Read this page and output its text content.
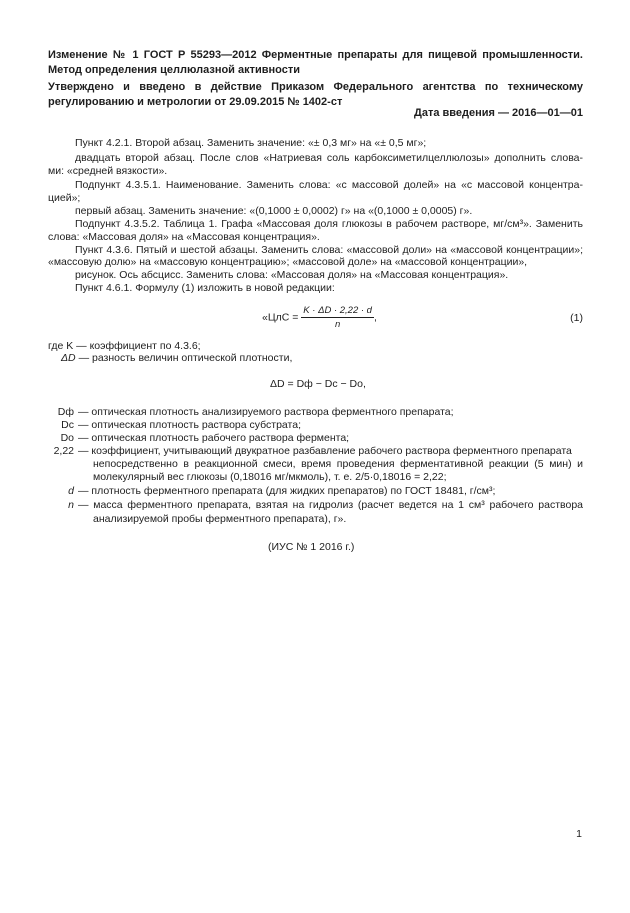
Изменение № 1 ГОСТ Р 55293—2012 Ферментные препараты для пищевой промышленности. Метод определения целлюлазной активности
Утверждено и введено в действие Приказом Федерального агентства по техническому регулированию и метрологии от 29.09.2015 № 1402-ст
Дата введения — 2016—01—01
Пункт 4.2.1. Второй абзац. Заменить значение: «± 0,3 мг» на «± 0,5 мг»;
двадцать второй абзац. После слов «Натриевая соль карбоксиметилцеллюлозы» дополнить слова-
ми: «средней вязкости».
Подпункт 4.3.5.1. Наименование. Заменить слова: «с массовой долей» на «с массовой концентра-
цией»;
первый абзац. Заменить значение: «(0,1000 ± 0,0002) г» на «(0,1000 ± 0,0005) г».
Подпункт 4.3.5.2. Таблица 1. Графа «Массовая доля глюкозы в рабочем растворе, мг/см³». Заменить
слова: «Массовая доля» на «Массовая концентрация».
Пункт 4.3.6. Пятый и шестой абзацы. Заменить слова: «массовой доли» на «массовой концентрации»;
«массовую долю» на «массовую концентрацию»; «массовой доле» на «массовой концентрации»,
рисунок. Ось абсцисс. Заменить слова: «Массовая доля» на «Массовая концентрация».
Пункт 4.6.1. Формулу (1) изложить в новой редакции:
«ЦлС = $\frac{K \cdot \Delta D \cdot 2,22 \cdot d}{n}$ ,	(1)
где K — коэффициент по 4.3.6;
ΔD — разность величин оптической плотности,
ΔD = Dф − Dс − Dо,
Dф — оптическая плотность анализируемого раствора ферментного препарата;
Dс — оптическая плотность раствора субстрата;
Dо — оптическая плотность рабочего раствора фермента;
2,22 — коэффициент, учитывающий двукратное разбавление рабочего раствора ферментного препарата
непосредственно в реакционной смеси, время проведения ферментативной реакции (5 мин) и
молекулярный вес глюкозы (0,18016 мг/мкмоль), т. е. 2/5·0,18016 = 2,22;
d — плотность ферментного препарата (для жидких препаратов) по ГОСТ 18481, г/см³;
n — масса ферментного препарата, взятая на гидролиз (расчет ведется на 1 см³ рабочего раствора
анализируемой пробы ферментного препарата), г».
(ИУС № 1 2016 г.)
1
